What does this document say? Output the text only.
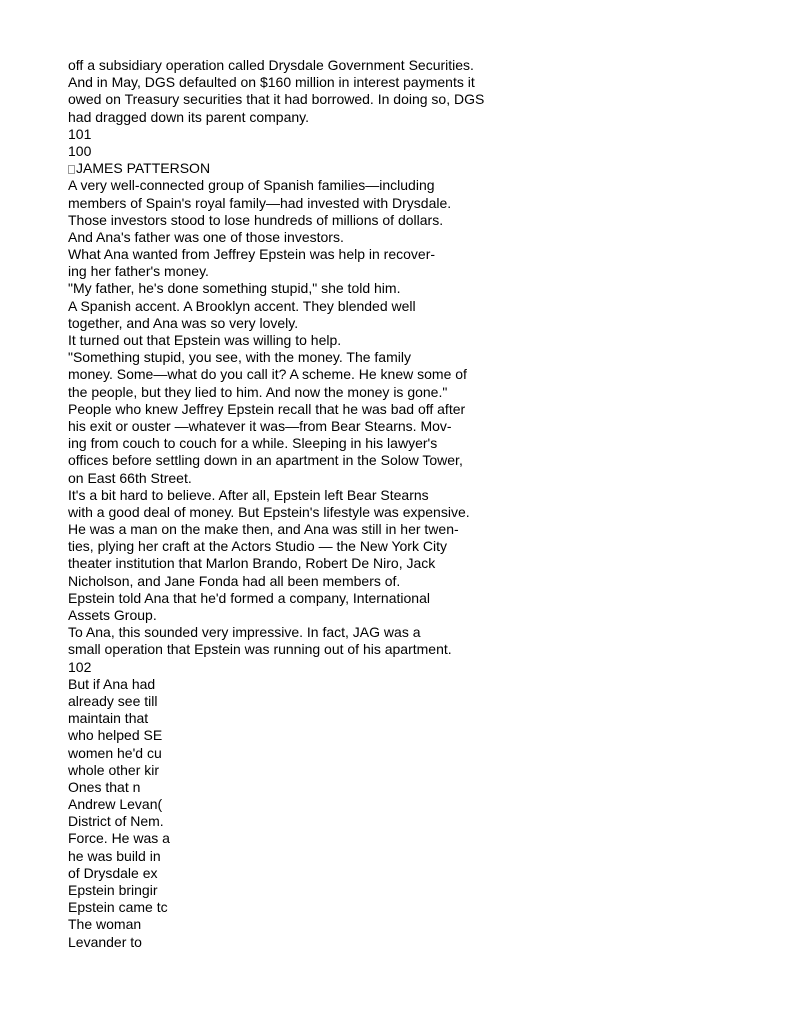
off a subsidiary operation called Drysdale Government Securities.
And in May, DGS defaulted on $160 million in interest payments it
owed on Treasury securities that it had borrowed. In doing so, DGS
had dragged down its parent company.
101
100
JAMES PATTERSON
A very well-connected group of Spanish families—including
members of Spain's royal family—had invested with Drysdale.
Those investors stood to lose hundreds of millions of dollars.
And Ana's father was one of those investors.
What Ana wanted from Jeffrey Epstein was help in recover-
ing her father's money.
"My father, he's done something stupid," she told him.
A Spanish accent. A Brooklyn accent. They blended well
together, and Ana was so very lovely.
It turned out that Epstein was willing to help.
"Something stupid, you see, with the money. The family
money. Some—what do you call it? A scheme. He knew some of
the people, but they lied to him. And now the money is gone."
People who knew Jeffrey Epstein recall that he was bad off after
his exit or ouster —whatever it was—from Bear Stearns. Mov-
ing from couch to couch for a while. Sleeping in his lawyer's
offices before settling down in an apartment in the Solow Tower,
on East 66th Street.
It's a bit hard to believe. After all, Epstein left Bear Stearns
with a good deal of money. But Epstein's lifestyle was expensive.
He was a man on the make then, and Ana was still in her twen-
ties, plying her craft at the Actors Studio — the New York City
theater institution that Marlon Brando, Robert De Niro, Jack
Nicholson, and Jane Fonda had all been members of.
Epstein told Ana that he'd formed a company, International
Assets Group.
To Ana, this sounded very impressive. In fact, JAG was a
small operation that Epstein was running out of his apartment.
102
But if Ana had
already see till
maintain that
who helped SE
women he'd cu
whole other kir
Ones that n
Andrew Levan(
District of Nem.
Force. He was a
he was build in
of Drysdale ex
Epstein bringir
Epstein came tc
The woman
Levander to
